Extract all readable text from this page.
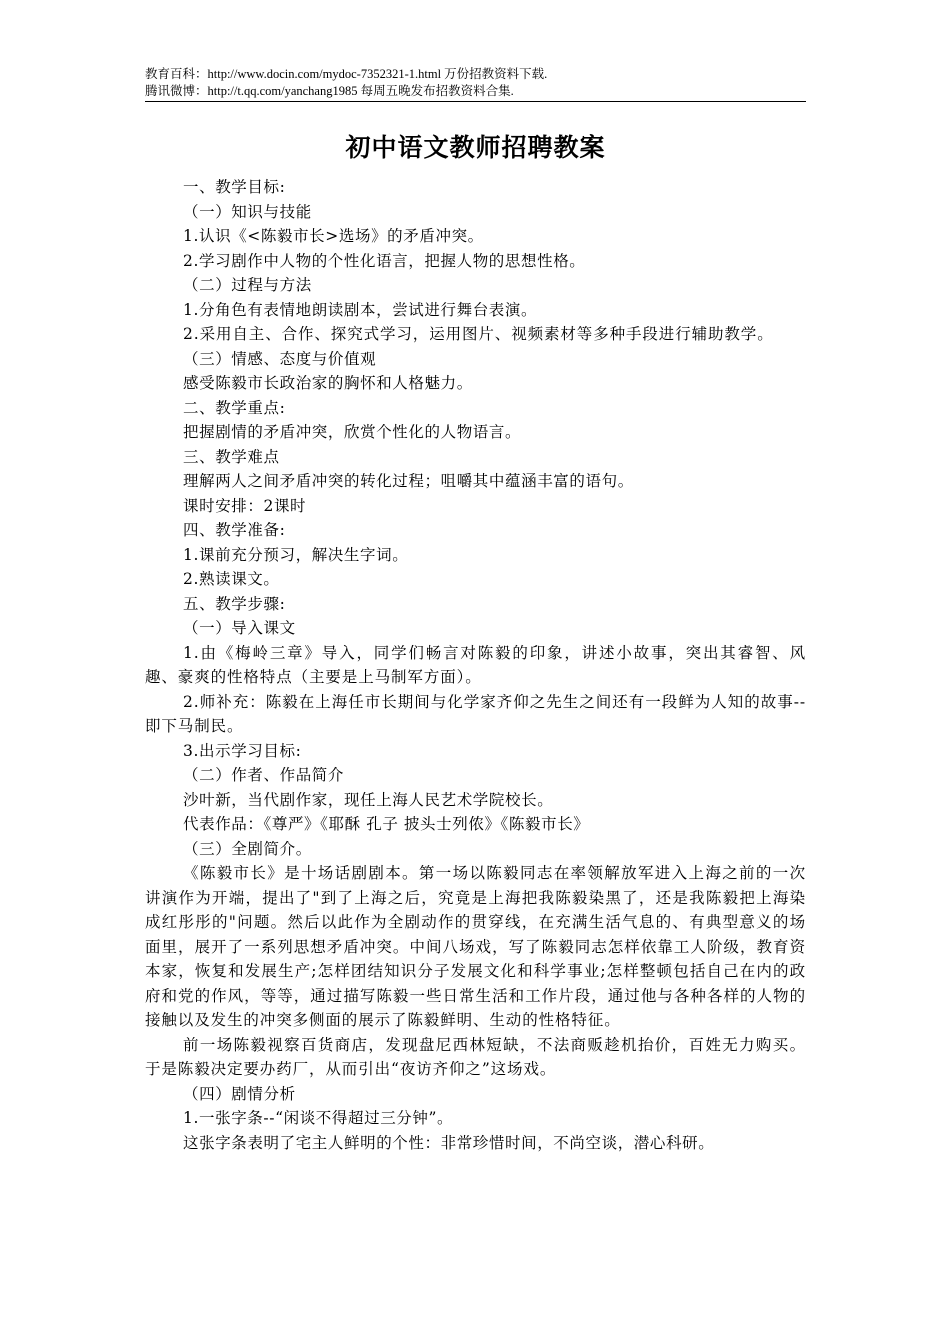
教育百科：http://www.docin.com/mydoc-7352321-1.html 万份招教资料下载.
腾讯微博：http://t.qq.com/yanchang1985 每周五晚发布招教资料合集.
初中语文教师招聘教案

一、教学目标:

（一）知识与技能

1.认识《<陈毅市长>选场》的矛盾冲突。

2.学习剧作中人物的个性化语言，把握人物的思想性格。

（二）过程与方法

1.分角色有表情地朗读剧本，尝试进行舞台表演。

2.采用自主、合作、探究式学习，运用图片、视频素材等多种手段进行辅助教学。

（三）情感、态度与价值观

感受陈毅市长政治家的胸怀和人格魅力。

二、教学重点:

把握剧情的矛盾冲突，欣赏个性化的人物语言。

三、教学难点

理解两人之间矛盾冲突的转化过程；咀嚼其中蕴涵丰富的语句。

课时安排：2课时

四、教学准备:

1.课前充分预习，解决生字词。

2.熟读课文。

五、教学步骤:

（一）导入课文

1.由《梅岭三章》导入，同学们畅言对陈毅的印象，讲述小故事，突出其睿智、风趣、豪爽的性格特点（主要是上马制军方面）。

2.师补充：陈毅在上海任市长期间与化学家齐仰之先生之间还有一段鲜为人知的故事--即下马制民。

3.出示学习目标:

（二）作者、作品简介

沙叶新，当代剧作家，现任上海人民艺术学院校长。

代表作品：《尊严》《耶酥 孔子 披头士列侬》《陈毅市长》

（三）全剧简介。

《陈毅市长》是十场话剧剧本。第一场以陈毅同志在率领解放军进入上海之前的一次讲演作为开端，提出了"到了上海之后，究竟是上海把我陈毅染黑了，还是我陈毅把上海染成红彤彤的"问题。然后以此作为全剧动作的贯穿线，在充满生活气息的、有典型意义的场面里，展开了一系列思想矛盾冲突。中间八场戏，写了陈毅同志怎样依靠工人阶级，教育资本家，恢复和发展生产;怎样团结知识分子发展文化和科学事业;怎样整顿包括自己在内的政府和党的作风，等等，通过描写陈毅一些日常生活和工作片段，通过他与各种各样的人物的接触以及发生的冲突多侧面的展示了陈毅鲜明、生动的性格特征。

前一场陈毅视察百货商店，发现盘尼西林短缺，不法商贩趁机抬价，百姓无力购买。于是陈毅决定要办药厂，从而引出“夜访齐仰之”这场戏。

（四）剧情分析

1.一张字条--“闲谈不得超过三分钟”。

这张字条表明了宅主人鲜明的个性：非常珍惜时间，不尚空谈，潜心科研。
